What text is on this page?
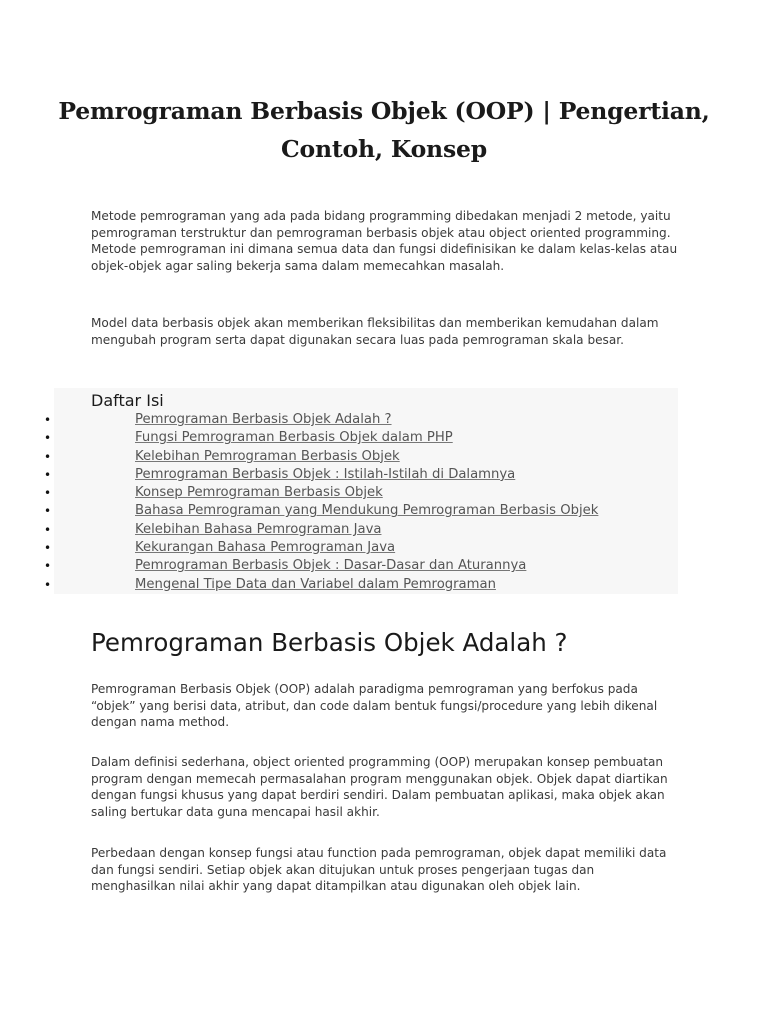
Pemrograman Berbasis Objek (OOP) | Pengertian, Contoh, Konsep

Metode pemrograman yang ada pada bidang programming dibedakan menjadi 2 metode, yaitu pemrograman terstruktur dan pemrograman berbasis objek atau object oriented programming. Metode pemrograman ini dimana semua data dan fungsi didefinisikan ke dalam kelas-kelas atau objek-objek agar saling bekerja sama dalam memecahkan masalah.

Model data berbasis objek akan memberikan fleksibilitas dan memberikan kemudahan dalam mengubah program serta dapat digunakan secara luas pada pemrograman skala besar.

Daftar Isi
•	Pemrograman Berbasis Objek Adalah ?
•	Fungsi Pemrograman Berbasis Objek dalam PHP
•	Kelebihan Pemrograman Berbasis Objek
•	Pemrograman Berbasis Objek : Istilah-Istilah di Dalamnya
•	Konsep Pemrograman Berbasis Objek
•	Bahasa Pemrograman yang Mendukung Pemrograman Berbasis Objek
•	Kelebihan Bahasa Pemrograman Java
•	Kekurangan Bahasa Pemrograman Java
•	Pemrograman Berbasis Objek : Dasar-Dasar dan Aturannya
•	Mengenal Tipe Data dan Variabel dalam Pemrograman
Pemrograman Berbasis Objek Adalah ?

Pemrograman Berbasis Objek (OOP) adalah paradigma pemrograman yang berfokus pada “objek” yang berisi data, atribut, dan code dalam bentuk fungsi/procedure yang lebih dikenal dengan nama method.

Dalam definisi sederhana, object oriented programming (OOP) merupakan konsep pembuatan program dengan memecah permasalahan program menggunakan objek. Objek dapat diartikan dengan fungsi khusus yang dapat berdiri sendiri. Dalam pembuatan aplikasi, maka objek akan saling bertukar data guna mencapai hasil akhir.

Perbedaan dengan konsep fungsi atau function pada pemrograman, objek dapat memiliki data dan fungsi sendiri. Setiap objek akan ditujukan untuk proses pengerjaan tugas dan menghasilkan nilai akhir yang dapat ditampilkan atau digunakan oleh objek lain.
